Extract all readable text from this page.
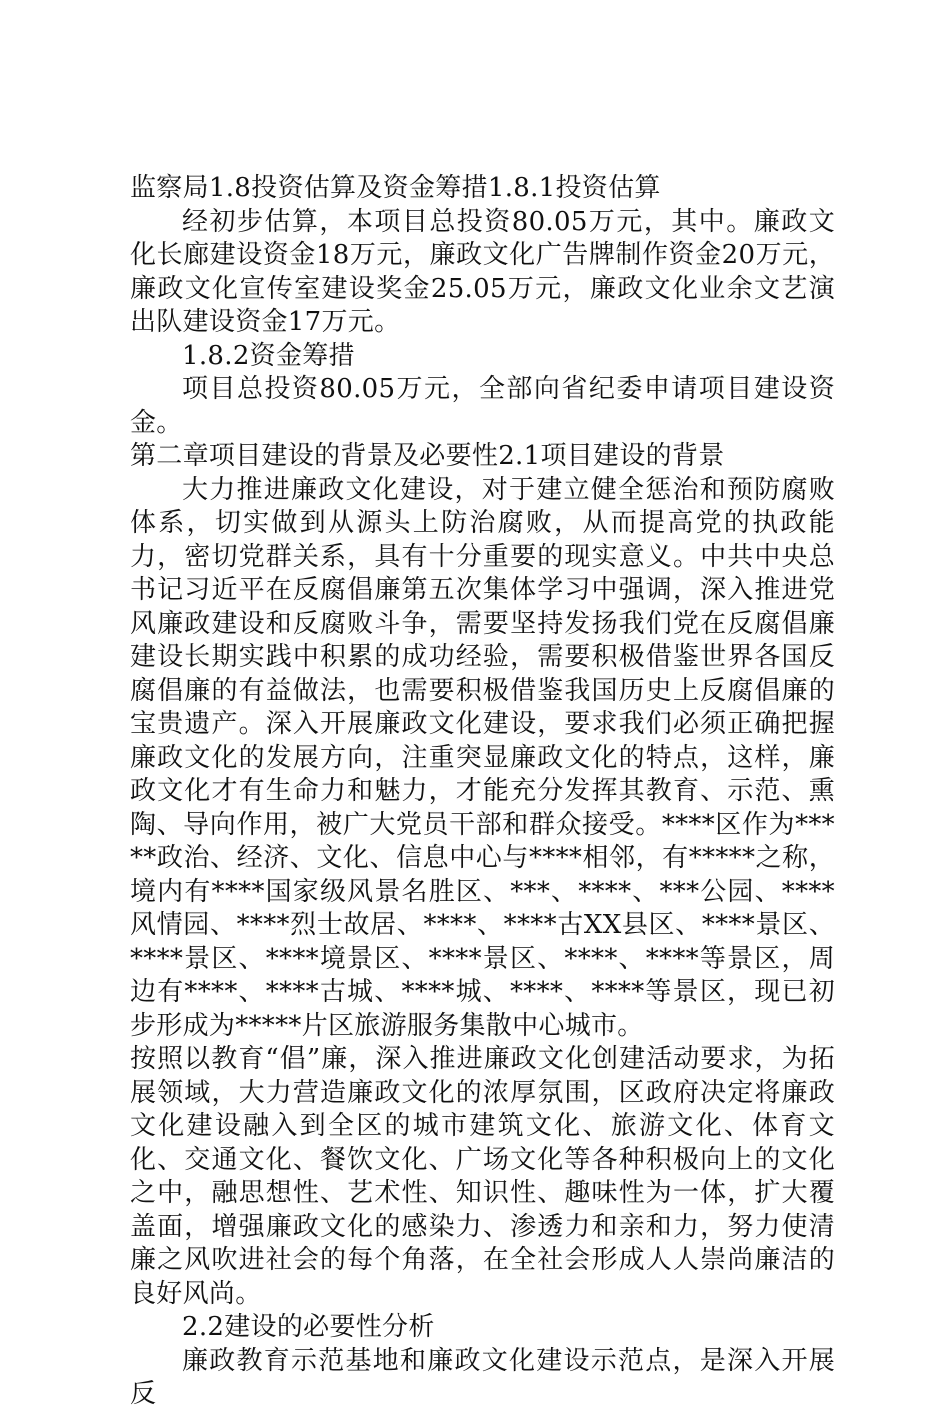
监察局1.8投资估算及资金筹措1.8.1投资估算

经初步估算，本项目总投资80.05万元，其中。廉政文化长廊建设资金18万元，廉政文化广告牌制作资金20万元，廉政文化宣传室建设奖金25.05万元，廉政文化业余文艺演出队建设资金17万元。

1.8.2资金筹措

项目总投资80.05万元，全部向省纪委申请项目建设资金。

第二章项目建设的背景及必要性2.1项目建设的背景

大力推进廉政文化建设，对于建立健全惩治和预防腐败体系，切实做到从源头上防治腐败，从而提高党的执政能力，密切党群关系，具有十分重要的现实意义。中共中央总书记习近平在反腐倡廉第五次集体学习中强调，深入推进党风廉政建设和反腐败斗争，需要坚持发扬我们党在反腐倡廉建设长期实践中积累的成功经验，需要积极借鉴世界各国反腐倡廉的有益做法，也需要积极借鉴我国历史上反腐倡廉的宝贵遗产。深入开展廉政文化建设，要求我们必须正确把握廉政文化的发展方向，注重突显廉政文化的特点，这样，廉政文化才有生命力和魅力，才能充分发挥其教育、示范、熏陶、导向作用，被广大党员干部和群众接受。****区作为*****政治、经济、文化、信息中心与****相邻，有*****之称，境内有****国家级风景名胜区、***、****、***公园、****风情园、****烈士故居、****、****古XX县区、****景区、****景区、****境景区、****景区、****、****等景区，周边有****、****古城、****城、****、****等景区，现已初步形成为*****片区旅游服务集散中心城市。

按照以教育“倡”廉，深入推进廉政文化创建活动要求，为拓展领域，大力营造廉政文化的浓厚氛围，区政府决定将廉政文化建设融入到全区的城市建筑文化、旅游文化、体育文化、交通文化、餐饮文化、广场文化等各种积极向上的文化之中，融思想性、艺术性、知识性、趣味性为一体，扩大覆盖面，增强廉政文化的感染力、渗透力和亲和力，努力使清廉之风吹进社会的每个角落，在全社会形成人人崇尚廉洁的良好风尚。

2.2建设的必要性分析

廉政教育示范基地和廉政文化建设示范点，是深入开展反
